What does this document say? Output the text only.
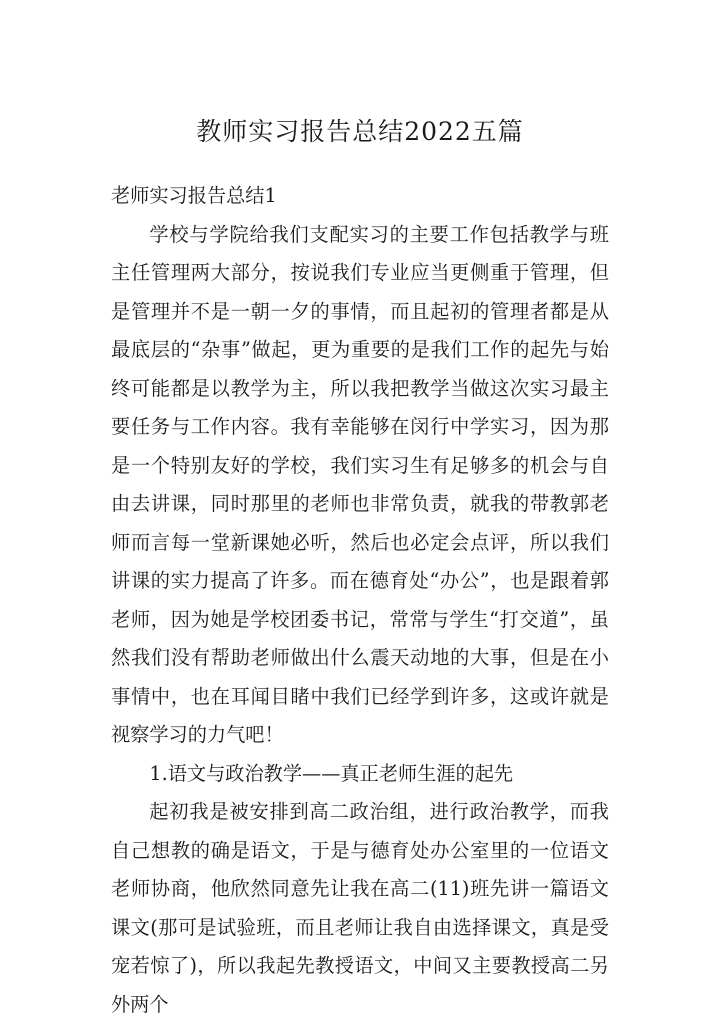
教师实习报告总结2022五篇

老师实习报告总结1

学校与学院给我们支配实习的主要工作包括教学与班主任管理两大部分，按说我们专业应当更侧重于管理，但是管理并不是一朝一夕的事情，而且起初的管理者都是从最底层的“杂事”做起，更为重要的是我们工作的起先与始终可能都是以教学为主，所以我把教学当做这次实习最主要任务与工作内容。我有幸能够在闵行中学实习，因为那是一个特别友好的学校，我们实习生有足够多的机会与自由去讲课，同时那里的老师也非常负责，就我的带教郭老师而言每一堂新课她必听，然后也必定会点评，所以我们讲课的实力提高了许多。而在德育处“办公”，也是跟着郭老师，因为她是学校团委书记，常常与学生“打交道”，虽然我们没有帮助老师做出什么震天动地的大事，但是在小事情中，也在耳闻目睹中我们已经学到许多，这或许就是视察学习的力气吧！

1.语文与政治教学——真正老师生涯的起先

起初我是被安排到高二政治组，进行政治教学，而我自己想教的确是语文，于是与德育处办公室里的一位语文老师协商，他欣然同意先让我在高二(11)班先讲一篇语文课文(那可是试验班，而且老师让我自由选择课文，真是受宠若惊了)，所以我起先教授语文，中间又主要教授高二另外两个
